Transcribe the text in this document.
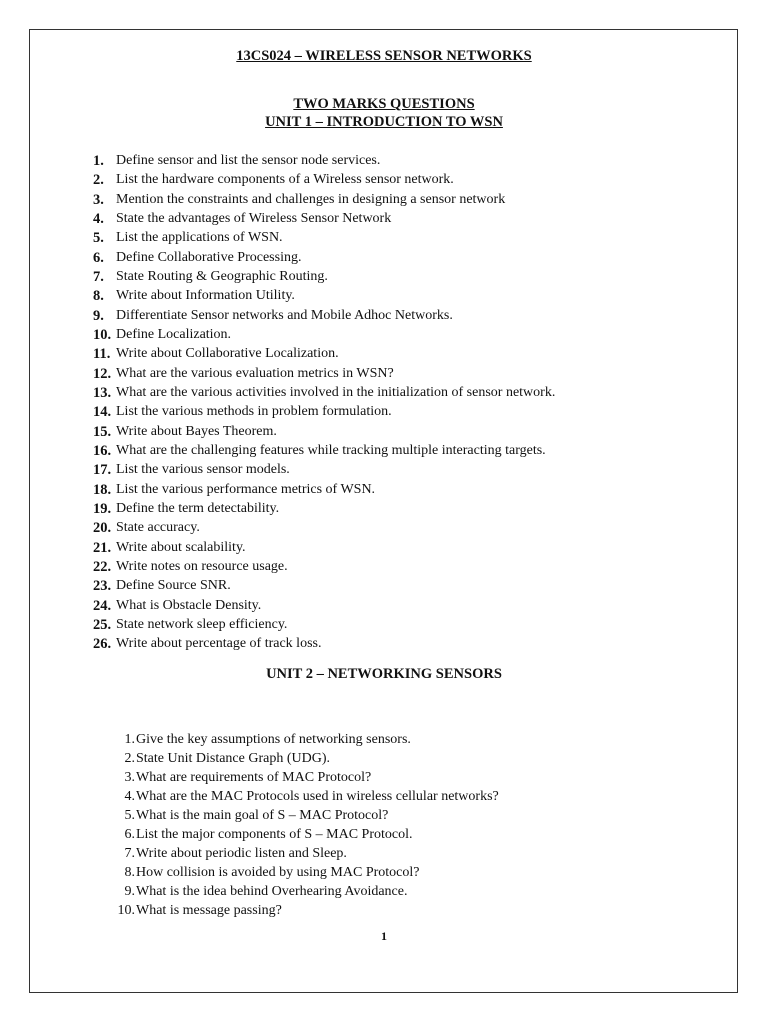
13CS024 – WIRELESS SENSOR NETWORKS
TWO MARKS QUESTIONS
UNIT 1 – INTRODUCTION TO WSN
1. Define sensor and list the sensor node services.
2. List the hardware components of a Wireless sensor network.
3. Mention the constraints and challenges in designing a sensor network
4. State the advantages of Wireless Sensor Network
5. List the applications of WSN.
6. Define Collaborative Processing.
7. State Routing & Geographic Routing.
8. Write about Information Utility.
9. Differentiate Sensor networks and Mobile Adhoc Networks.
10. Define Localization.
11. Write about Collaborative Localization.
12. What are the various evaluation metrics in WSN?
13. What are the various activities involved in the initialization of sensor network.
14. List the various methods in problem formulation.
15. Write about Bayes Theorem.
16. What are the challenging features while tracking multiple interacting targets.
17. List the various sensor models.
18. List the various performance metrics of WSN.
19. Define the term detectability.
20. State accuracy.
21. Write about scalability.
22. Write notes on resource usage.
23. Define Source SNR.
24. What is Obstacle Density.
25. State network sleep efficiency.
26. Write about percentage of track loss.
UNIT 2 – NETWORKING SENSORS
1. Give the key assumptions of networking sensors.
2. State Unit Distance Graph (UDG).
3. What are requirements of MAC Protocol?
4. What are the MAC Protocols used in wireless cellular networks?
5. What is the main goal of S – MAC Protocol?
6. List the major components of S – MAC Protocol.
7. Write about periodic listen and Sleep.
8. How collision is avoided by using MAC Protocol?
9. What is the idea behind Overhearing Avoidance.
10. What is message passing?
1
